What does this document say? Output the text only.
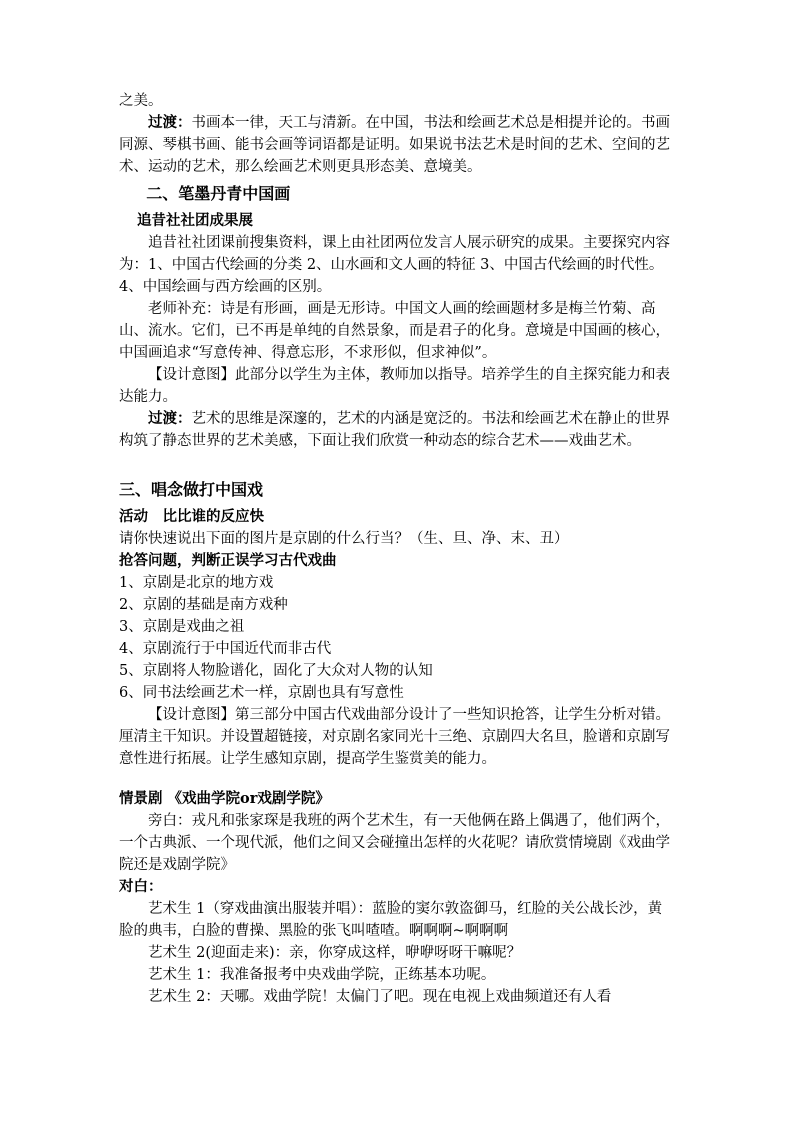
之美。

过渡：书画本一律，天工与清新。在中国，书法和绘画艺术总是相提并论的。书画同源、琴棋书画、能书会画等词语都是证明。如果说书法艺术是时间的艺术、空间的艺术、运动的艺术，那么绘画艺术则更具形态美、意境美。

二、笔墨丹青中国画

追昔社社团成果展

追昔社社团课前搜集资料，课上由社团两位发言人展示研究的成果。主要探究内容为：1、中国古代绘画的分类 2、山水画和文人画的特征 3、中国古代绘画的时代性。4、中国绘画与西方绘画的区别。

老师补充：诗是有形画，画是无形诗。中国文人画的绘画题材多是梅兰竹菊、高山、流水。它们，已不再是单纯的自然景象，而是君子的化身。意境是中国画的核心，中国画追求“写意传神、得意忘形，不求形似，但求神似”。

【设计意图】此部分以学生为主体，教师加以指导。培养学生的自主探究能力和表达能力。

过渡：艺术的思维是深邃的，艺术的内涵是宽泛的。书法和绘画艺术在静止的世界构筑了静态世界的艺术美感，下面让我们欣赏一种动态的综合艺术——戏曲艺术。

三、唱念做打中国戏

活动　比比谁的反应快

请你快速说出下面的图片是京剧的什么行当？（生、旦、净、末、丑）

抢答问题，判断正误学习古代戏曲

1、京剧是北京的地方戏

2、京剧的基础是南方戏种

3、京剧是戏曲之祖

4、京剧流行于中国近代而非古代

5、京剧将人物脸谱化，固化了大众对人物的认知

6、同书法绘画艺术一样，京剧也具有写意性

【设计意图】第三部分中国古代戏曲部分设计了一些知识抢答，让学生分析对错。厘清主干知识。并设置超链接，对京剧名家同光十三绝、京剧四大名旦，脸谱和京剧写意性进行拓展。让学生感知京剧，提高学生鉴赏美的能力。

情景剧 《戏曲学院or戏剧学院》

旁白：戎凡和张家琛是我班的两个艺术生，有一天他俩在路上偶遇了，他们两个，一个古典派、一个现代派，他们之间又会碰撞出怎样的火花呢？请欣赏情境剧《戏曲学院还是戏剧学院》

对白：

艺术生 1（穿戏曲演出服装并唱）：蓝脸的窦尔敦盗御马，红脸的关公战长沙，黄脸的典韦，白脸的曹操、黑脸的张飞叫喳喳。啊啊啊~啊啊啊

艺术生 2(迎面走来)：亲，你穿成这样，咿咿呀呀干嘛呢？

艺术生 1：我准备报考中央戏曲学院，正练基本功呢。

艺术生 2：天哪。戏曲学院！太偏门了吧。现在电视上戏曲频道还有人看
